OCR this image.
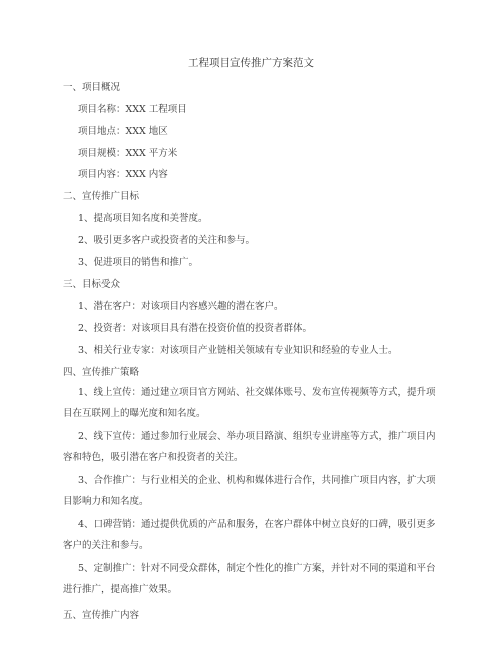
工程项目宣传推广方案范文
一、项目概况
项目名称：XXX 工程项目
项目地点：XXX 地区
项目规模：XXX 平方米
项目内容：XXX 内容
二、宣传推广目标
1、提高项目知名度和美誉度。
2、吸引更多客户或投资者的关注和参与。
3、促进项目的销售和推广。
三、目标受众
1、潜在客户：对该项目内容感兴趣的潜在客户。
2、投资者：对该项目具有潜在投资价值的投资者群体。
3、相关行业专家：对该项目产业链相关领域有专业知识和经验的专业人士。
四、宣传推广策略

1、线上宣传：通过建立项目官方网站、社交媒体账号、发布宣传视频等方式，提升项目在互联网上的曝光度和知名度。

2、线下宣传：通过参加行业展会、举办项目路演、组织专业讲座等方式，推广项目内容和特色，吸引潜在客户和投资者的关注。

3、合作推广：与行业相关的企业、机构和媒体进行合作，共同推广项目内容，扩大项目影响力和知名度。

4、口碑营销：通过提供优质的产品和服务，在客户群体中树立良好的口碑，吸引更多客户的关注和参与。

5、定制推广：针对不同受众群体，制定个性化的推广方案，并针对不同的渠道和平台进行推广，提高推广效果。

五、宣传推广内容
